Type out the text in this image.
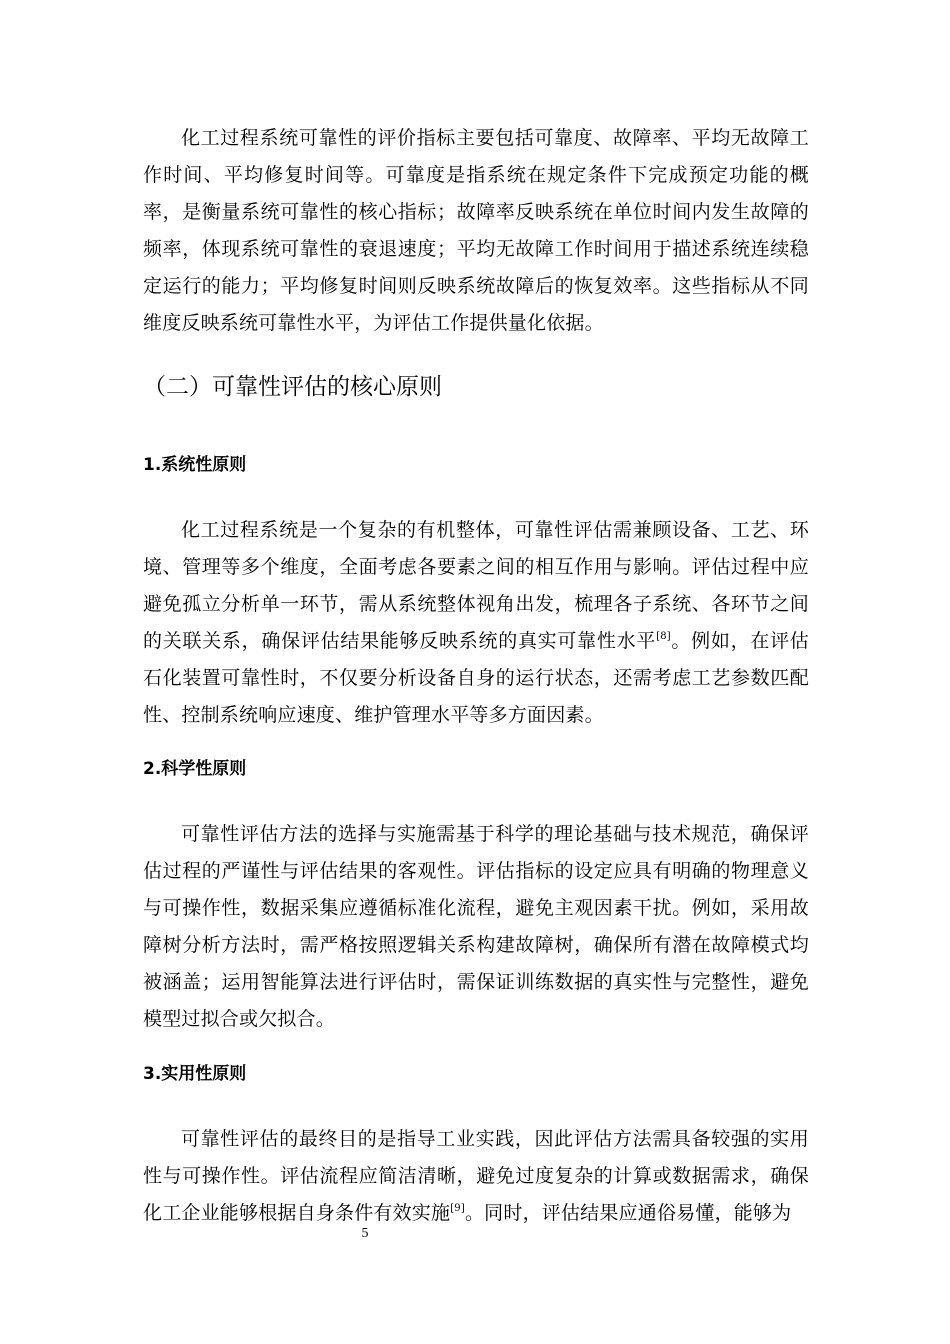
化工过程系统可靠性的评价指标主要包括可靠度、故障率、平均无故障工作时间、平均修复时间等。可靠度是指系统在规定条件下完成预定功能的概率，是衡量系统可靠性的核心指标；故障率反映系统在单位时间内发生故障的频率，体现系统可靠性的衰退速度；平均无故障工作时间用于描述系统连续稳定运行的能力；平均修复时间则反映系统故障后的恢复效率。这些指标从不同维度反映系统可靠性水平，为评估工作提供量化依据。

（二）可靠性评估的核心原则
1.系统性原则

化工过程系统是一个复杂的有机整体，可靠性评估需兼顾设备、工艺、环境、管理等多个维度，全面考虑各要素之间的相互作用与影响。评估过程中应避免孤立分析单一环节，需从系统整体视角出发，梳理各子系统、各环节之间的关联关系，确保评估结果能够反映系统的真实可靠性水平[8]。例如，在评估石化装置可靠性时，不仅要分析设备自身的运行状态，还需考虑工艺参数匹配性、控制系统响应速度、维护管理水平等多方面因素。

2.科学性原则

可靠性评估方法的选择与实施需基于科学的理论基础与技术规范，确保评估过程的严谨性与评估结果的客观性。评估指标的设定应具有明确的物理意义与可操作性，数据采集应遵循标准化流程，避免主观因素干扰。例如，采用故障树分析方法时，需严格按照逻辑关系构建故障树，确保所有潜在故障模式均被涵盖；运用智能算法进行评估时，需保证训练数据的真实性与完整性，避免模型过拟合或欠拟合。

3.实用性原则

可靠性评估的最终目的是指导工业实践，因此评估方法需具备较强的实用性与可操作性。评估流程应简洁清晰，避免过度复杂的计算或数据需求，确保化工企业能够根据自身条件有效实施[9]。同时，评估结果应通俗易懂，能够为

5
